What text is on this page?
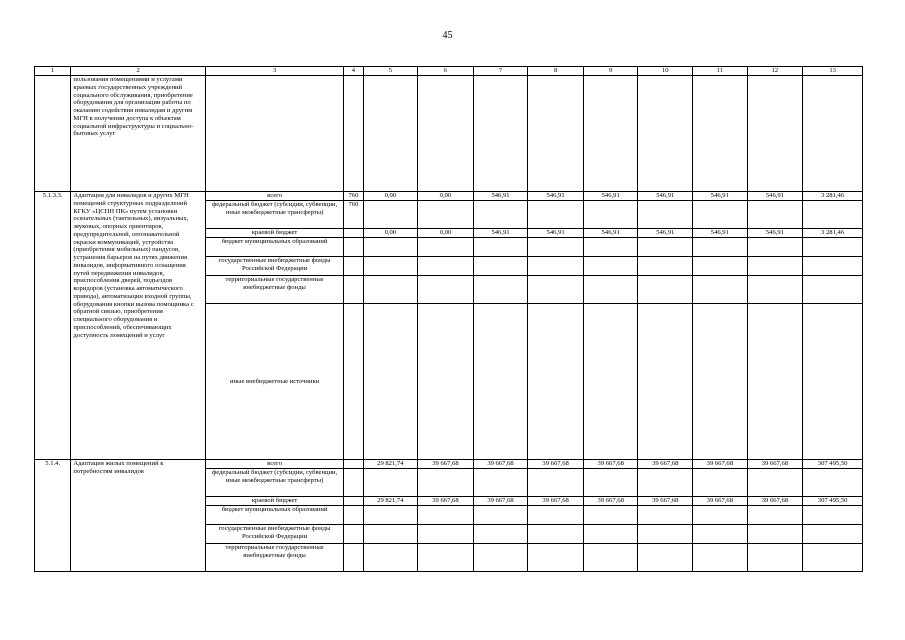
45
1	2	3	4	5	6	7	8	9	10	11	12	13
	пользования помещениями и услугами краевых государственных учреждений социального обслуживания, приобретение оборудования для организации работы по оказанию содействия инвалидам и другим МГН в получении доступа к объектам социальной инфраструктуры и социально-бытовых услуг											
5.1.3.3.	Адаптация для инвалидов и других МГН помещений структурных подразделений КГКУ «ЦСПН ПК» путем установки осязательных (тактильных), визуальных, звуковых, опорных ориентиров, предупредительной, опознавательной окраски коммуникаций, устройства (приобретения мобильных) пандусов, устранения барьеров на путях движения инвалидов, информативного оснащения путей передвижения инвалидов, приспособления дверей, подъездов коридоров (установка автоматического привода), автоматизации входной группы, оборудования кнопки вызова помощника с обратной связью, приобретения специального оборудования и приспособлений, обеспечивающих доступность помещений и услуг	всего	760	0,00	0,00	546,91	546,91	546,91	546,91	546,91	546,91	3 281,46
		федеральный бюджет (субсидии, субвенции, иные межбюджетные трансферты)	760									
		краевой бюджет		0,00	0,00	546,91	546,91	546,91	546,91	546,91	546,91	3 281,46
		бюджет муниципальных образований										
		государственные внебюджетные фонды Российской Федерации										
		территориальные государственные внебюджетные фонды										
		иные внебюджетные источники										
5.1.4.	Адаптация жилых помещений к потребностям инвалидов	всего		29 821,74	39 667,68	39 667,68	39 667,68	39 667,68	39 667,68	39 667,68	39 667,68	307 495,50
		федеральный бюджет (субсидии, субвенции, иные межбюджетные трансферты)										
		краевой бюджет		29 821,74	39 667,68	39 667,68	39 667,68	39 667,68	39 667,68	39 667,68	39 667,68	307 495,50
		бюджет муниципальных образований										
		государственные внебюджетные фонды Российской Федерации										
		территориальные государственные внебюджетные фонды										
